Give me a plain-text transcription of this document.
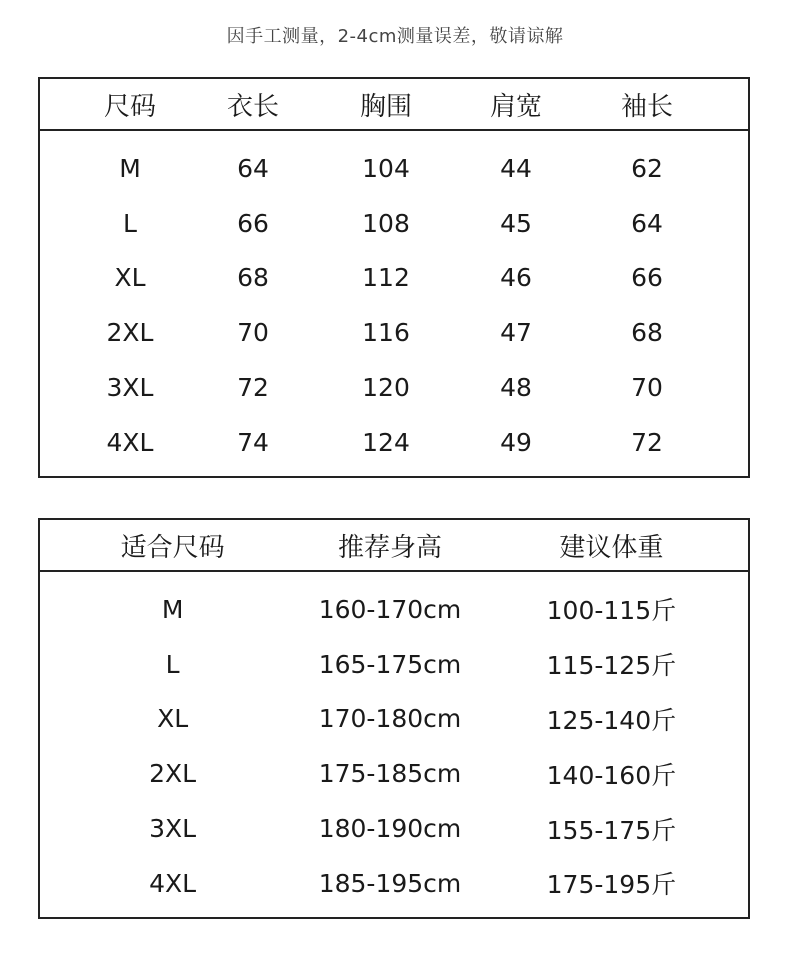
因手工测量，2-4cm测量误差，敬请谅解
尺码	衣长	胸围	肩宽	袖长
M	64	104	44	62
L	66	108	45	64
XL	68	112	46	66
2XL	70	116	47	68
3XL	72	120	48	70
4XL	74	124	49	72
适合尺码	推荐身高	建议体重
M	160-170cm	100-115斤
L	165-175cm	115-125斤
XL	170-180cm	125-140斤
2XL	175-185cm	140-160斤
3XL	180-190cm	155-175斤
4XL	185-195cm	175-195斤
